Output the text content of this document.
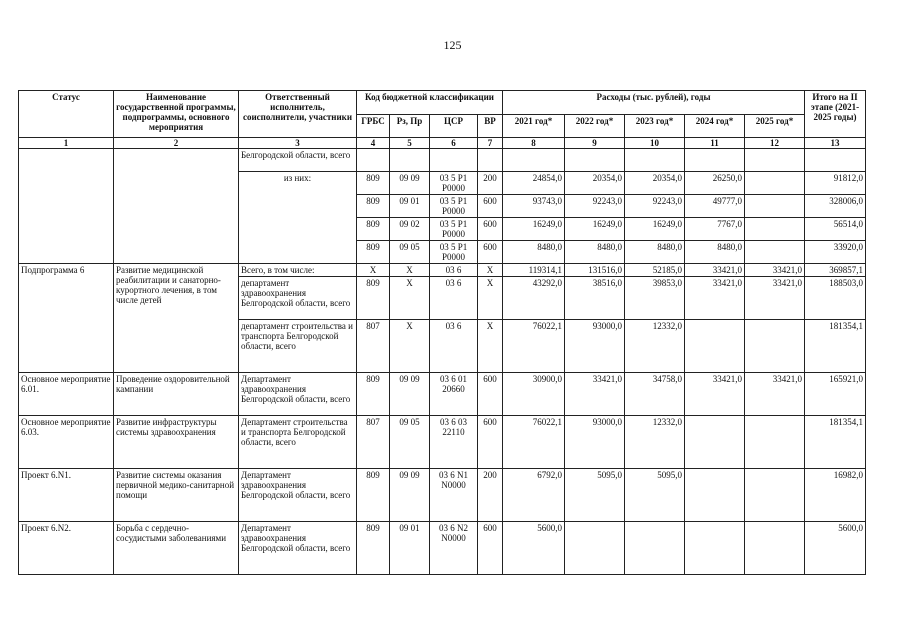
125
Статус	Наименование государственной программы, подпрограммы, основного мероприятия	Ответственный исполнитель, соисполнители, участники	Код бюджетной классификации				Расходы (тыс. рублей), годы					Итого на II этапе (2021-2025 годы)
			ГРБС	Рз, Пр	ЦСР	ВР	2021 год*	2022 год*	2023 год*	2024 год*	2025 год*	
1	2	3	4	5	6	7	8	9	10	11	12	13
		Белгородской области, всего										
		из них:	809	09 09	03 5 Р1 Р0000	200	24854,0	20354,0	20354,0	26250,0		91812,0
			809	09 01	03 5 Р1 Р0000	600	93743,0	92243,0	92243,0	49777,0		328006,0
			809	09 02	03 5 Р1 Р0000	600	16249,0	16249,0	16249,0	7767,0		56514,0
			809	09 05	03 5 Р1 Р0000	600	8480,0	8480,0	8480,0	8480,0		33920,0
Подпрограмма 6	Развитие медицинской реабилитации и санаторно-курортного лечения, в том числе детей	Всего, в том числе:	Х	Х	03 6	Х	119314,1	131516,0	52185,0	33421,0	33421,0	369857,1
		департамент здравоохранения Белгородской области, всего	809	Х	03 6	Х	43292,0	38516,0	39853,0	33421,0	33421,0	188503,0
		департамент строительства и транспорта Белгородской области, всего	807	Х	03 6	Х	76022,1	93000,0	12332,0			181354,1
Основное мероприятие 6.01.	Проведение оздоровительной кампании	Департамент здравоохранения Белгородской области, всего	809	09 09	03 6 01 20660	600	30900,0	33421,0	34758,0	33421,0	33421,0	165921,0
Основное мероприятие 6.03.	Развитие инфраструктуры системы здравоохранения	Департамент строительства и транспорта Белгородской области, всего	807	09 05	03 6 03 22110	600	76022,1	93000,0	12332,0			181354,1
Проект 6.N1.	Развитие системы оказания первичной медико-санитарной помощи	Департамент здравоохранения Белгородской области, всего	809	09 09	03 6 N1 N0000	200	6792,0	5095,0	5095,0			16982,0
Проект 6.N2.	Борьба с сердечно-сосудистыми заболеваниями	Департамент здравоохранения Белгородской области, всего	809	09 01	03 6 N2 N0000	600	5600,0					5600,0
